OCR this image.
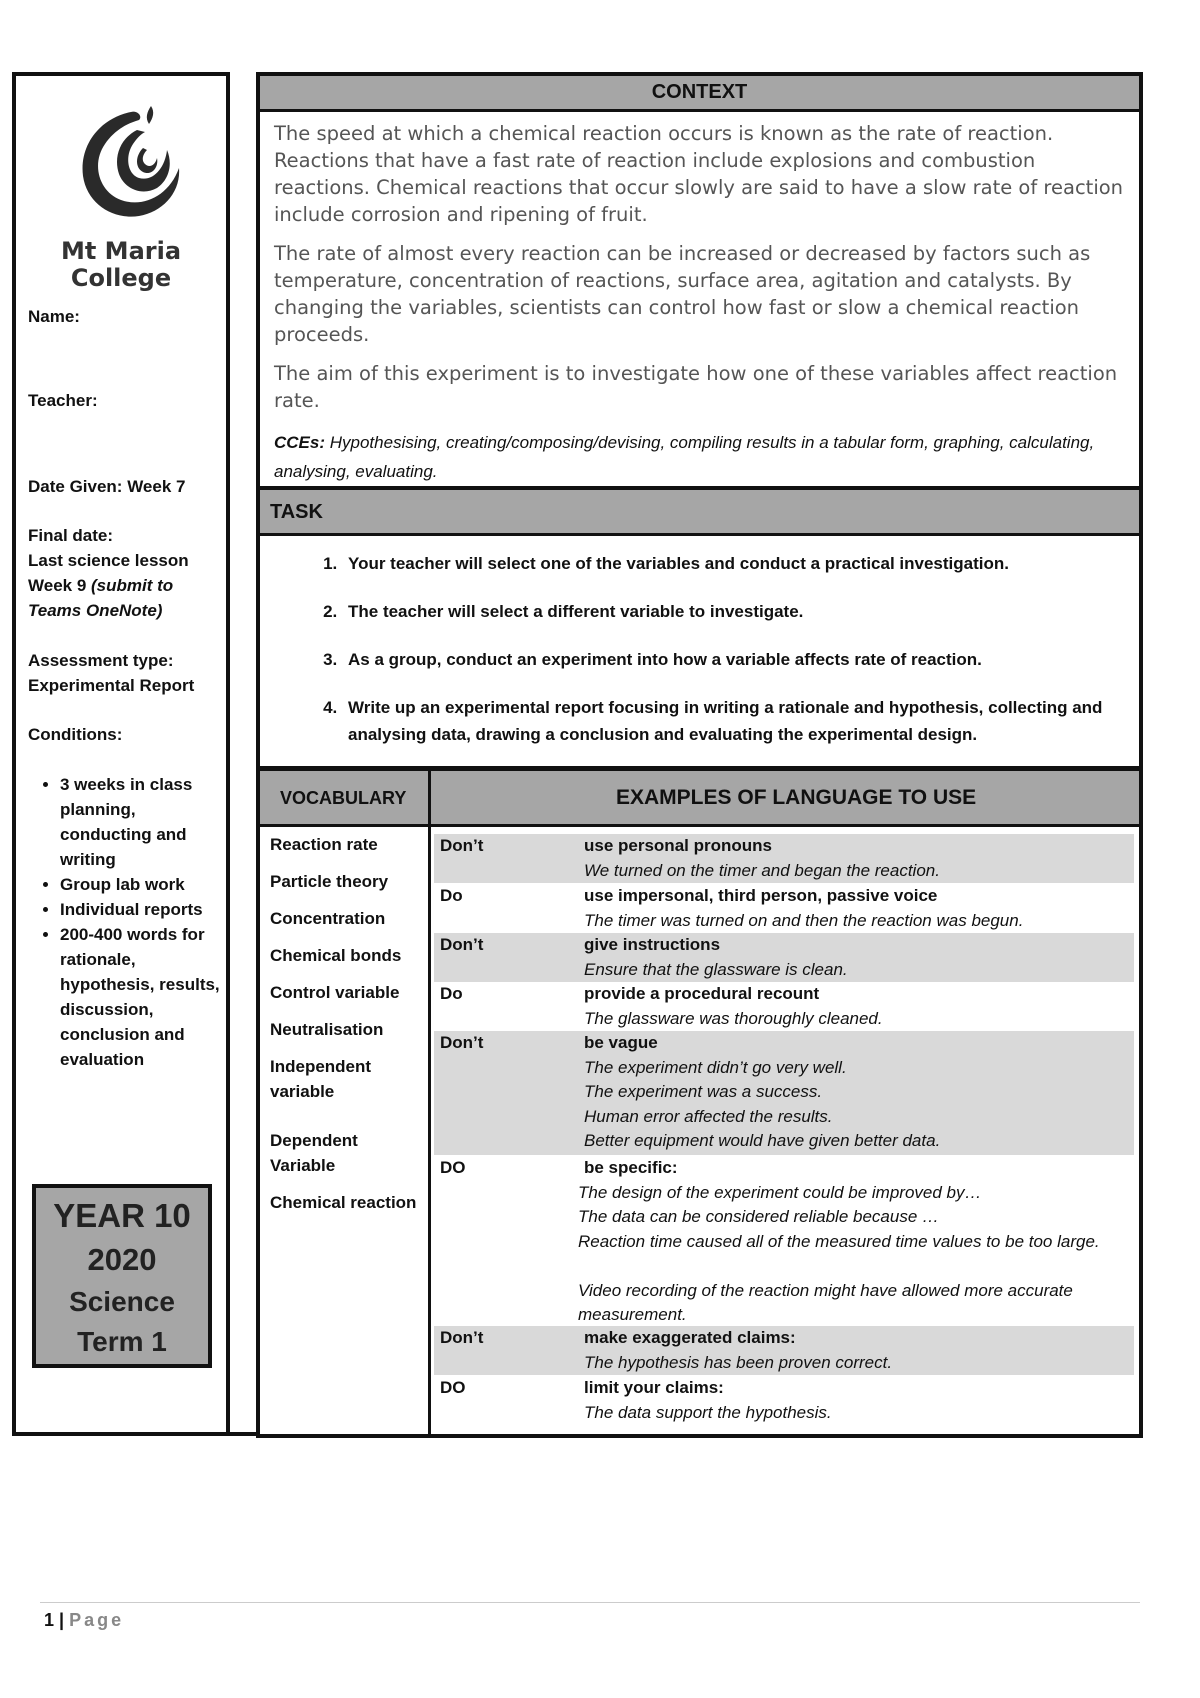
Mt Maria
College
Name:
Teacher:
Date Given: Week 7
Final date:
Last science lesson
Week 9 (submit to
Teams OneNote)
Assessment type:
Experimental Report
Conditions:
• 3 weeks in class planning, conducting and writing
• Group lab work
• Individual reports
• 200-400 words for rationale, hypothesis, results, discussion, conclusion and evaluation
YEAR 10
2020
Science
Term 1
CONTEXT

The speed at which a chemical reaction occurs is known as the rate of reaction. Reactions that have a fast rate of reaction include explosions and combustion reactions. Chemical reactions that occur slowly are said to have a slow rate of reaction include corrosion and ripening of fruit.

The rate of almost every reaction can be increased or decreased by factors such as temperature, concentration of reactions, surface area, agitation and catalysts. By changing the variables, scientists can control how fast or slow a chemical reaction proceeds.

The aim of this experiment is to investigate how one of these variables affect reaction rate.

CCEs: Hypothesising, creating/composing/devising, compiling results in a tabular form, graphing, calculating, analysing, evaluating.
TASK
1. Your teacher will select one of the variables and conduct a practical investigation.
2. The teacher will select a different variable to investigate.
3. As a group, conduct an experiment into how a variable affects rate of reaction.
4. Write up an experimental report focusing in writing a rationale and hypothesis, collecting and analysing data, drawing a conclusion and evaluating the experimental design.
VOCABULARY	EXAMPLES OF LANGUAGE TO USE
Reaction rate
Particle theory
Concentration
Chemical bonds
Control variable
Neutralisation
Independent variable
Dependent Variable
Chemical reaction
Don’t	use personal pronouns
We turned on the timer and began the reaction.
Do	use impersonal, third person, passive voice
The timer was turned on and then the reaction was begun.
Don’t	give instructions
Ensure that the glassware is clean.
Do	provide a procedural recount
The glassware was thoroughly cleaned.
Don’t	be vague
The experiment didn’t go very well.
The experiment was a success.
Human error affected the results.
Better equipment would have given better data.
DO	be specific:
The design of the experiment could be improved by…
The data can be considered reliable because …
Reaction time caused all of the measured time values to be too large.
Video recording of the reaction might have allowed more accurate measurement.
Don’t	make exaggerated claims:
The hypothesis has been proven correct.
DO	limit your claims:
The data support the hypothesis.
1 | Page
